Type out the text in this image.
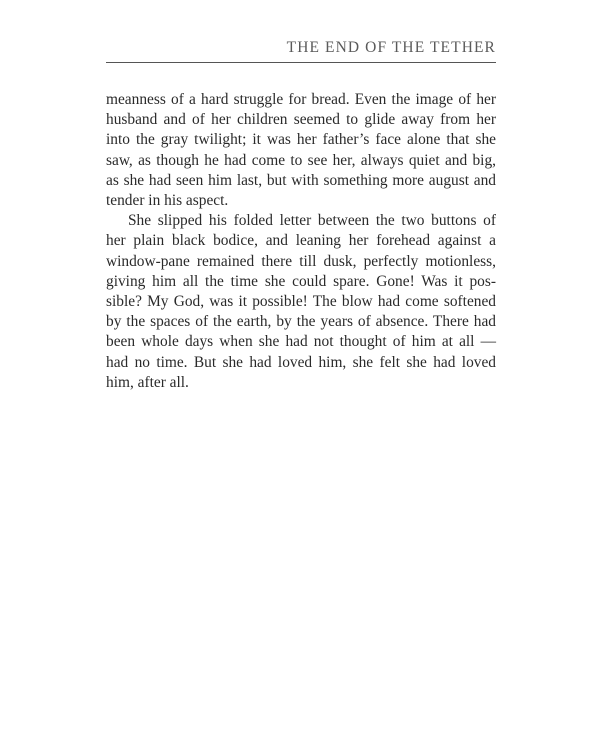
THE END OF THE TETHER
meanness of a hard struggle for bread. Even the image of her
husband and of her children seemed to glide away from her
into the gray twilight; it was her father’s face alone that she
saw, as though he had come to see her, always quiet and big,
as she had seen him last, but with something more august and
tender in his aspect.
She slipped his folded letter between the two buttons of
her plain black bodice, and leaning her forehead against a
window-pane remained there till dusk, perfectly motionless,
giving him all the time she could spare. Gone! Was it pos-
sible? My God, was it possible! The blow had come softened
by the spaces of the earth, by the years of absence. There had
been whole days when she had not thought of him at all —
had no time. But she had loved him, she felt she had loved
him, after all.
